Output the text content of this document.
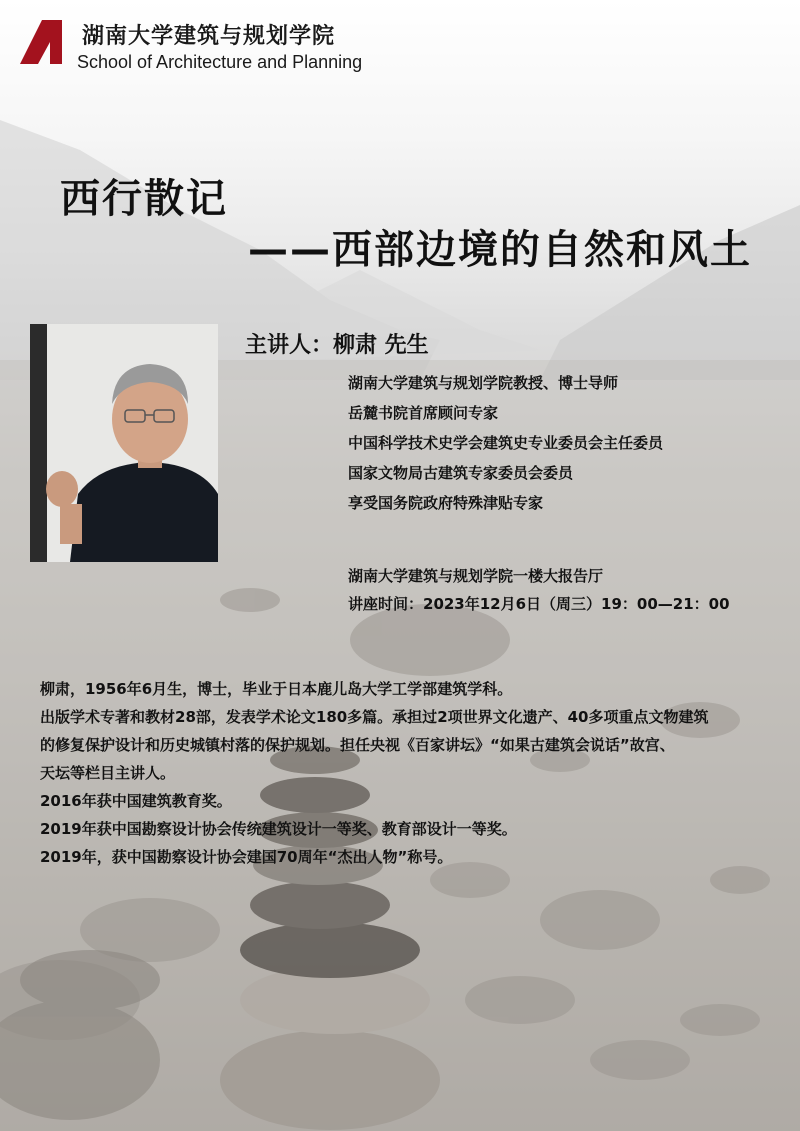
湖南大学建筑与规划学院
School of Architecture and Planning
西行散记
——西部边境的自然和风土
主讲人：柳肃 先生
湖南大学建筑与规划学院教授、博士导师
岳麓书院首席顾问专家
中国科学技术史学会建筑史专业委员会主任委员
国家文物局古建筑专家委员会委员
享受国务院政府特殊津贴专家
湖南大学建筑与规划学院一楼大报告厅
讲座时间：2023年12月6日（周三）19：00—21：00
柳肃，1956年6月生，博士，毕业于日本鹿儿岛大学工学部建筑学科。
出版学术专著和教材28部，发表学术论文180多篇。承担过2项世界文化遗产、40多项重点文物建筑
的修复保护设计和历史城镇村落的保护规划。担任央视《百家讲坛》“如果古建筑会说话”故宫、
天坛等栏目主讲人。
2016年获中国建筑教育奖。
2019年获中国勘察设计协会传统建筑设计一等奖、教育部设计一等奖。
2019年，获中国勘察设计协会建国70周年“杰出人物”称号。
